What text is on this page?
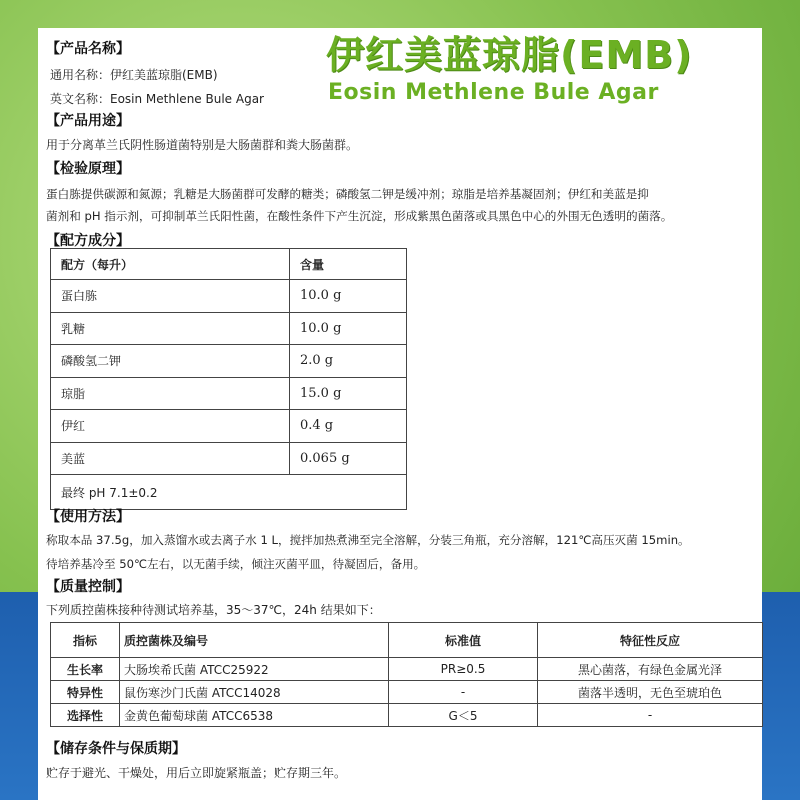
伊红美蓝琼脂(EMB)
Eosin Methlene Bule Agar
【产品名称】
通用名称：伊红美蓝琼脂(EMB)
英文名称：Eosin Methlene Bule Agar
【产品用途】
用于分离革兰氏阴性肠道菌特别是大肠菌群和粪大肠菌群。
【检验原理】
蛋白胨提供碳源和氮源；乳糖是大肠菌群可发酵的糖类；磷酸氢二钾是缓冲剂；琼脂是培养基凝固剂；伊红和美蓝是抑
菌剂和 pH 指示剂，可抑制革兰氏阳性菌，在酸性条件下产生沉淀，形成紫黑色菌落或具黑色中心的外围无色透明的菌落。
【配方成分】
配方（每升）	含量
蛋白胨	10.0 g
乳糖	10.0 g
磷酸氢二钾	2.0 g
琼脂	15.0 g
伊红	0.4 g
美蓝	0.065 g
最终 pH 7.1±0.2	
【使用方法】
称取本品 37.5g，加入蒸馏水或去离子水 1 L，搅拌加热煮沸至完全溶解，分装三角瓶，充分溶解，121℃高压灭菌 15min。
待培养基冷至 50℃左右，以无菌手续，倾注灭菌平皿，待凝固后，备用。
【质量控制】
下列质控菌株接种待测试培养基，35～37℃，24h 结果如下：
指标	质控菌株及编号	标准值	特征性反应
生长率	大肠埃希氏菌 ATCC25922	PR≥0.5	黑心菌落，有绿色金属光泽
特异性	鼠伤寒沙门氏菌 ATCC14028	-	菌落半透明，无色至琥珀色
选择性	金黄色葡萄球菌 ATCC6538	G＜5	-
【储存条件与保质期】
贮存于避光、干燥处，用后立即旋紧瓶盖；贮存期三年。
